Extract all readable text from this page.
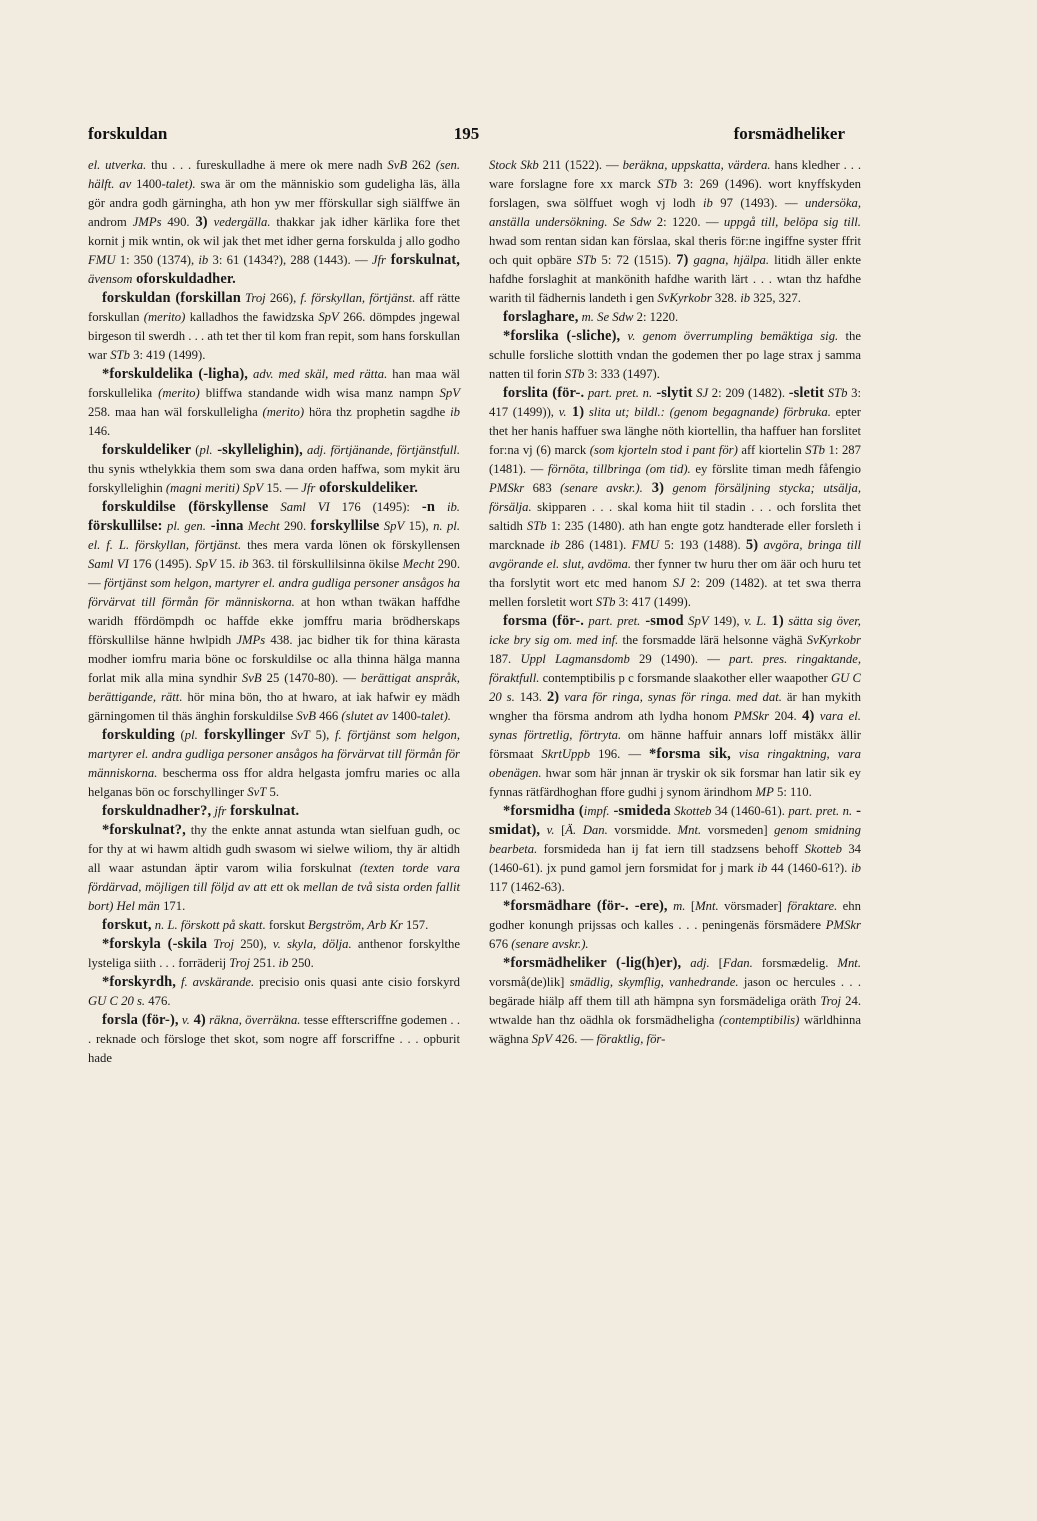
forskuldan	195	forsmädheliker

el. utverka. thu . . . fureskulladhe ä mere ok mere nadh SvB 262 (sen. hälft. av 1400-talet). swa är om the människio som gudeligha läs, älla gör andra godh gärningha, ath hon yw mer fförskullar sigh siälffwe än androm JMPs 490. 3) vedergälla. thakkar jak idher kärlika fore thet kornit j mik wntin, ok wil jak thet met idher gerna forskulda j allo godho FMU 1: 350 (1374), ib 3: 61 (1434?), 288 (1443). — Jfr forskulnat, ävensom oforskuldadher.

forskuldan (forskillan Troj 266), f. förskyllan, förtjänst. aff rätte forskullan (merito) kalladhos the fawidzska SpV 266. dömpdes jngewal birgeson til swerdh . . . ath tet ther til kom fran repit, som hans forskullan war STb 3: 419 (1499).

*forskuldelika (-ligha), adv. med skäl, med rätta. han maa wäl forskullelika (merito) bliffwa standande widh wisa manz nampn SpV 258. maa han wäl forskulleligha (merito) höra thz prophetin sagdhe ib 146.

forskuldeliker (pl. -skyllelighin), adj. förtjänande, förtjänstfull. thu synis wthelykkia them som swa dana orden haffwa, som mykit äru forskyllelighin (magni meriti) SpV 15. — Jfr oforskuldeliker.

forskuldilse (förskyllense Saml VI 176 (1495): -n ib. förskullilse: pl. gen. -inna Mecht 290. forskyllilse SpV 15), n. pl. el. f. L. förskyllan, förtjänst. thes mera varda lönen ok förskyllensen Saml VI 176 (1495). SpV 15. ib 363. til förskullilsinna ökilse Mecht 290. — förtjänst som helgon, martyrer el. andra gudliga personer ansågos ha förvärvat till förmån för människorna. at hon wthan twäkan haffdhe waridh ffördömpdh oc haffde ekke jomffru maria brödherskaps fförskullilse hänne hwlpidh JMPs 438. jac bidher tik for thina kärasta modher iomfru maria böne oc forskuldilse oc alla thinna hälga manna forlat mik alla mina syndhir SvB 25 (1470-80). — berättigat anspråk, berättigande, rätt. hör mina bön, tho at hwaro, at iak hafwir ey mädh gärningomen til thäs änghin forskuldilse SvB 466 (slutet av 1400-talet).

forskulding (pl. forskyllinger SvT 5), f. förtjänst som helgon, martyrer el. andra gudliga personer ansågos ha förvärvat till förmån för människorna. bescherma oss ffor aldra helgasta jomfru maries oc alla helganas bön oc forschyllinger SvT 5.

forskuldnadher?, jfr forskulnat.

*forskulnat?, thy the enkte annat astunda wtan sielfuan gudh, oc for thy at wi hawm altidh gudh swasom wi sielwe wiliom, thy är altidh all waar astundan äptir varom wilia forskulnat (texten torde vara fördärvad, möjligen till följd av att ett ok mellan de två sista orden fallit bort) Hel män 171.

forskut, n. L. förskott på skatt. forskut Bergström, Arb Kr 157.

*forskyla (-skila Troj 250), v. skyla, dölja. anthenor forskylthe lysteliga siith . . . forräderij Troj 251. ib 250.

*forskyrdh, f. avskärande. precisio onis quasi ante cisio forskyrd GU C 20 s. 476.

forsla (för-), v. 4) räkna, överräkna. tesse effterscriffne godemen . . . reknade och försloge thet skot, som nogre aff forscriffne . . . opburit hade

Stock Skb 211 (1522). — beräkna, uppskatta, värdera. hans kledher . . . ware forslagne fore xx marck STb 3: 269 (1496). wort knyffskyden forslagen, swa sölffuet wogh vj lodh ib 97 (1493). — undersöka, anställa undersökning. Se Sdw 2: 1220. — uppgå till, belöpa sig till. hwad som rentan sidan kan förslaa, skal theris för:ne ingiffne syster ffrit och quit opbäre STb 5: 72 (1515). 7) gagna, hjälpa. litidh äller enkte hafdhe forslaghit at mankönith hafdhe warith lärt . . . wtan thz hafdhe warith til fädhernis landeth i gen SvKyrkobr 328. ib 325, 327.

forslaghare, m. Se Sdw 2: 1220.

*forslika (-sliche), v. genom överrumpling bemäktiga sig. the schulle forsliche slottith vndan the godemen ther po lage strax j samma natten til forin STb 3: 333 (1497).

forslita (för-. part. pret. n. -slytit SJ 2: 209 (1482). -sletit STb 3: 417 (1499)), v. 1) slita ut; bildl.: (genom begagnande) förbruka. epter thet her hanis haffuer swa länghe nöth kiortellin, tha haffuer han forslitet for:na vj (6) marck (som kjorteln stod i pant för) aff kiortelin STb 1: 287 (1481). — förnöta, tillbringa (om tid). ey förslite timan medh fåfengio PMSkr 683 (senare avskr.). 3) genom försäljning stycka; utsälja, försälja. skipparen . . . skal koma hiit til stadin . . . och forslita thet saltidh STb 1: 235 (1480). ath han engte gotz handterade eller forsleth i marcknade ib 286 (1481). FMU 5: 193 (1488). 5) avgöra, bringa till avgörande el. slut, avdöma. ther fynner tw huru ther om äär och huru tet tha forslytit wort etc med hanom SJ 2: 209 (1482). at tet swa therra mellen forsletit wort STb 3: 417 (1499).

forsma (för-. part. pret. -smod SpV 149), v. L. 1) sätta sig över, icke bry sig om. med inf. the forsmadde lärä helsonne väghä SvKyrkobr 187. Uppl Lagmansdomb 29 (1490). — part. pres. ringaktande, föraktfull. contemptibilis p c forsmande slaakother eller waapother GU C 20 s. 143. 2) vara för ringa, synas för ringa. med dat. är han mykith wngher tha försma androm ath lydha honom PMSkr 204. 4) vara el. synas förtretlig, förtryta. om hänne haffuir annars loff mistäkx ällir försmaat SkrtUppb 196. — *forsma sik, visa ringaktning, vara obenägen. hwar som här jnnan är tryskir ok sik forsmar han latir sik ey fynnas rätfärdhoghan ffore gudhi j synom ärindhom MP 5: 110.

*forsmidha (impf. -smideda Skotteb 34 (1460-61). part. pret. n. -smidat), v. [Ä. Dan. vorsmidde. Mnt. vorsmeden] genom smidning bearbeta. forsmideda han ij fat iern till stadzsens behoff Skotteb 34 (1460-61). jx pund gamol jern forsmidat for j mark ib 44 (1460-61?). ib 117 (1462-63).

*forsmädhare (för-. -ere), m. [Mnt. vörsmader] föraktare. ehn godher konungh prijssas och kalles . . . peningenäs försmädere PMSkr 676 (senare avskr.).

*forsmädheliker (-lig(h)er), adj. [Fdan. forsmædelig. Mnt. vorsmå(de)lik] smädlig, skymflig, vanhedrande. jason oc hercules . . . begärade hiälp aff them till ath hämpna syn forsmädeliga oräth Troj 24. wtwalde han thz oädhla ok forsmädheligha (contemptibilis) wärldhinna wäghna SpV 426. — föraktlig, för-
